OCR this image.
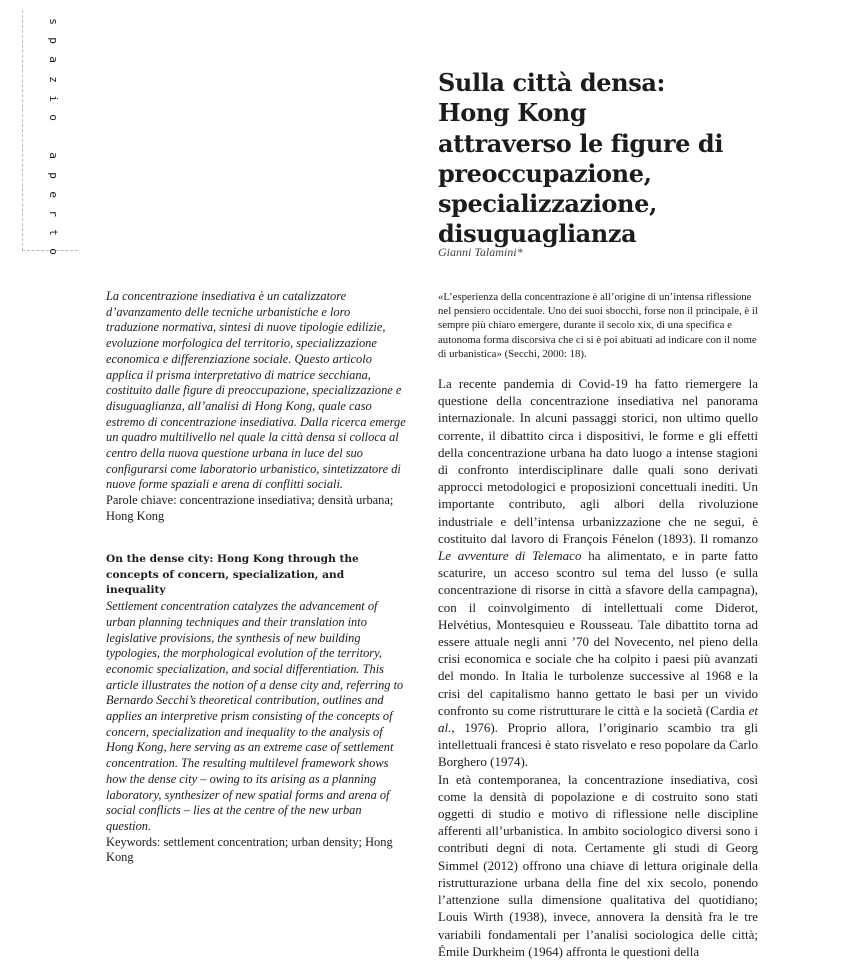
s
p
a
z
i
o
a
p
e
r
t
o
Sulla città densa:
Hong Kong
attraverso le figure di
preoccupazione,
specializzazione,
disuguaglianza
Gianni Talamini*

La concentrazione insediativa è un catalizzatore d’avanzamento delle tecniche urbanistiche e loro traduzione normativa, sintesi di nuove tipologie edilizie, evoluzione morfologica del territorio, specializzazione economica e differenziazione sociale. Questo articolo applica il prisma interpretativo di matrice secchiana, costituito dalle figure di preoccupazione, specializzazione e disuguaglianza, all’analisi di Hong Kong, quale caso estremo di concentrazione insediativa. Dalla ricerca emerge un quadro multilivello nel quale la città densa si colloca al centro della nuova questione urbana in luce del suo configurarsi come laboratorio urbanistico, sintetizzatore di nuove forme spaziali e arena di conflitti sociali.

Parole chiave: concentrazione insediativa; densità urbana; Hong Kong

On the dense city: Hong Kong through the concepts of concern, specialization, and inequality

Settlement concentration catalyzes the advancement of urban planning techniques and their translation into legislative provisions, the synthesis of new building typologies, the morphological evolution of the territory, economic specialization, and social differentiation. This article illustrates the notion of a dense city and, referring to Bernardo Secchi’s theoretical contribution, outlines and applies an interpretive prism consisting of the concepts of concern, specialization and inequality to the analysis of Hong Kong, here serving as an extreme case of settlement concentration. The resulting multilevel framework shows how the dense city – owing to its arising as a planning laboratory, synthesizer of new spatial forms and arena of social conflicts – lies at the centre of the new urban question.

Keywords: settlement concentration; urban density; Hong Kong

«L’esperienza della concentrazione è all’origine di un’intensa riflessione nel pensiero occidentale. Uno dei suoi sbocchi, forse non il principale, è il sempre più chiaro emergere, durante il secolo xix, di una specifica e autonoma forma discorsiva che ci si è poi abituati ad indicare con il nome di urbanistica» (Secchi, 2000: 18).

La recente pandemia di Covid-19 ha fatto riemergere la questione della concentrazione insediativa nel panorama internazionale. In alcuni passaggi storici, non ultimo quello corrente, il dibattito circa i dispositivi, le forme e gli effetti della concentrazione urbana ha dato luogo a intense stagioni di confronto interdisciplinare dalle quali sono derivati approcci metodologici e proposizioni concettuali inediti. Un importante contributo, agli albori della rivoluzione industriale e dell’intensa urbanizzazione che ne seguì, è costituito dal lavoro di François Fénelon (1893). Il romanzo Le avventure di Telemaco ha alimentato, e in parte fatto scaturire, un acceso scontro sul tema del lusso (e sulla concentrazione di risorse in città a sfavore della campagna), con il coinvolgimento di intellettuali come Diderot, Helvétius, Montesquieu e Rousseau. Tale dibattito torna ad essere attuale negli anni ’70 del Novecento, nel pieno della crisi economica e sociale che ha colpito i paesi più avanzati del mondo. In Italia le turbolenze successive al 1968 e la crisi del capitalismo hanno gettato le basi per un vivido confronto su come ristrutturare le città e la società (Cardia et al., 1976). Proprio allora, l’originario scambio tra gli intellettuali francesi è stato risvelato e reso popolare da Carlo Borghero (1974).

In età contemporanea, la concentrazione insediativa, così come la densità di popolazione e di costruito sono stati oggetti di studio e motivo di riflessione nelle discipline afferenti all’urbanistica. In ambito sociologico diversi sono i contributi degni di nota. Certamente gli studi di Georg Simmel (2012) offrono una chiave di lettura originale della ristrutturazione urbana della fine del xix secolo, ponendo l’attenzione sulla dimensione qualitativa del quotidiano; Louis Wirth (1938), invece, annovera la densità fra le tre variabili fondamentali per l’analisi sociologica delle città; Émile Durkheim (1964) affronta le questioni della
